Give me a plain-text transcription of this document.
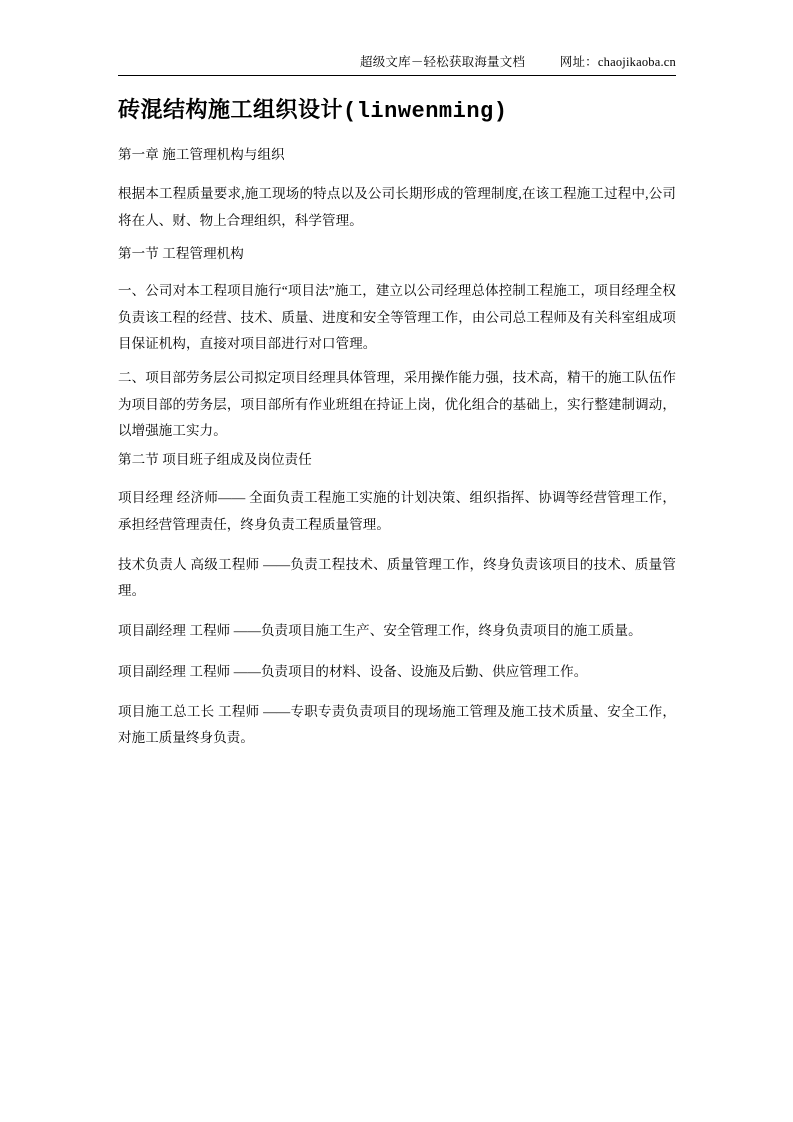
超级文库－轻松获取海量文档	网址：chaojikaoba.cn
砖混结构施工组织设计(linwenming)

第一章 施工管理机构与组织

根据本工程质量要求,施工现场的特点以及公司长期形成的管理制度,在该工程施工过程中,公司将在人、财、物上合理组织，科学管理。

第一节 工程管理机构

一、公司对本工程项目施行“项目法”施工，建立以公司经理总体控制工程施工，项目经理全权负责该工程的经营、技术、质量、进度和安全等管理工作，由公司总工程师及有关科室组成项目保证机构，直接对项目部进行对口管理。

二、项目部劳务层公司拟定项目经理具体管理，采用操作能力强，技术高，精干的施工队伍作为项目部的劳务层，项目部所有作业班组在持证上岗，优化组合的基础上，实行整建制调动，以增强施工实力。

第二节 项目班子组成及岗位责任

项目经理 经济师—— 全面负责工程施工实施的计划决策、组织指挥、协调等经营管理工作，承担经营管理责任，终身负责工程质量管理。

技术负责人 高级工程师 ——负责工程技术、质量管理工作，终身负责该项目的技术、质量管理。

项目副经理 工程师 ——负责项目施工生产、安全管理工作，终身负责项目的施工质量。

项目副经理 工程师 ——负责项目的材料、设备、设施及后勤、供应管理工作。

项目施工总工长 工程师 ——专职专责负责项目的现场施工管理及施工技术质量、安全工作，对施工质量终身负责。
